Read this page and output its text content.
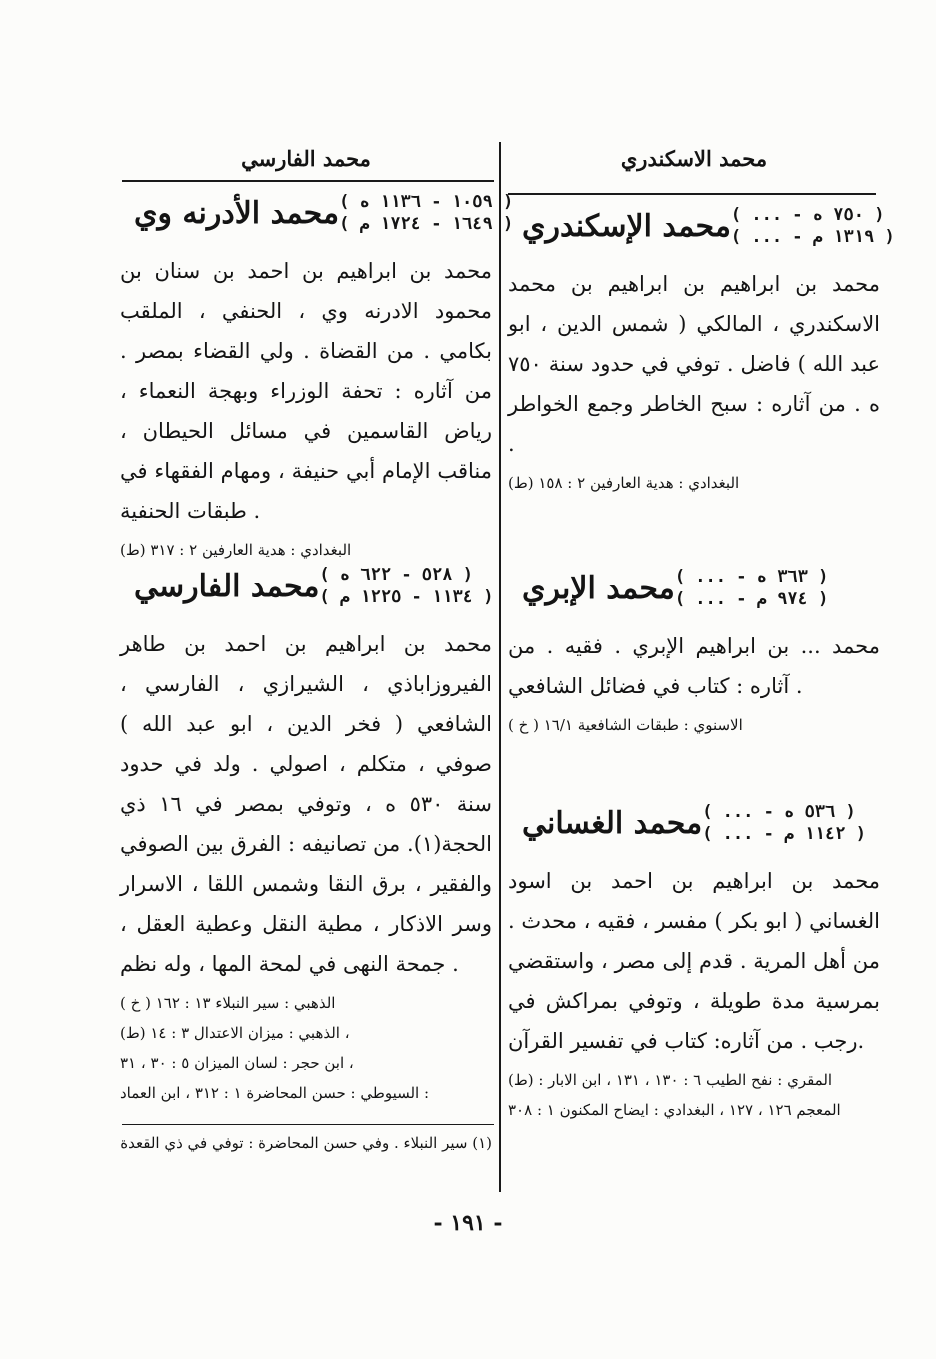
محمد الاسكندري
محمد الفارسي
محمد الإسكندري ( ... - ٧٥٠ ه )
( ... - ١٣١٩ م )
محمد بن ابراهيم بن ابراهيم بن محمد الاسكندري ، المالكي ( شمس الدين ، ابو عبد الله ) فاضل . توفي في حدود سنة ٧٥٠ ه . من آثاره : سبح الخاطر وجمع الخواطر .
(ط) البغدادي : هدية العارفين ٢ : ١٥٨
محمد الإبري ( ... - ٣٦٣ ه )
( ... - ٩٧٤ م )
محمد ... بن ابراهيم الإبري . فقيه . من آثاره : كتاب في فضائل الشافعي .
( خ ) الاسنوي : طبقات الشافعية ١٦/١
محمد الغساني ( ... - ٥٣٦ ه )
( ... - ١١٤٢ م )
محمد بن ابراهيم بن احمد بن اسود الغساني ( ابو بكر ) مفسر ، فقيه ، محدث . من أهل المرية . قدم إلى مصر ، واستقضي بمرسية مدة طويلة ، وتوفي بمراكش في رجب . من آثاره: كتاب في تفسير القرآن.
(ط) المقري : نفح الطيب ٦ : ١٣٠ ، ١٣١ ، ابن الابار : المعجم ١٢٦ ، ١٢٧ ، البغدادي : ايضاح المكنون ١ : ٣٠٨
محمد الأدرنه وي ( ١٠٥٩ - ١١٣٦ ه )
( ١٦٤٩ - ١٧٢٤ م )
محمد بن ابراهيم بن احمد بن سنان بن محمود الادرنه وي ، الحنفي ، الملقب بكامي . من القضاة . ولي القضاء بمصر . من آثاره : تحفة الوزراء وبهجة النعماء ، رياض القاسمين في مسائل الحيطان ، مناقب الإمام أبي حنيفة ، ومهام الفقهاء في طبقات الحنفية .
(ط) البغدادي : هدية العارفين ٢ : ٣١٧
محمد الفارسي ( ٥٢٨ - ٦٢٢ ه )
( ١١٣٤ - ١٢٢٥ م )
محمد بن ابراهيم بن احمد بن طاهر الفيروزاباذي ، الشيرازي ، الفارسي ، الشافعي ( فخر الدين ، ابو عبد الله ) صوفي ، متكلم ، اصولي . ولد في حدود سنة ٥٣٠ ه ، وتوفي بمصر في ١٦ ذي الحجة(١). من تصانيفه : الفرق بين الصوفي والفقير ، برق النقا وشمس اللقا ، الاسرار وسر الاذكار ، مطية النقل وعطية العقل ، جمحة النهى في لمحة المها ، وله نظم .
( خ ) الذهبي : سير النبلاء ١٣ : ١٦٢
(ط) الذهبي : ميزان الاعتدال ٣ : ١٤ ،
ابن حجر : لسان الميزان ٥ : ٣٠ ، ٣١ ،
السيوطي : حسن المحاضرة ١ : ٣١٢ ، ابن العماد :
(١) سير النبلاء . وفي حسن المحاضرة : توفي في ذي القعدة
- ١٩١ -
